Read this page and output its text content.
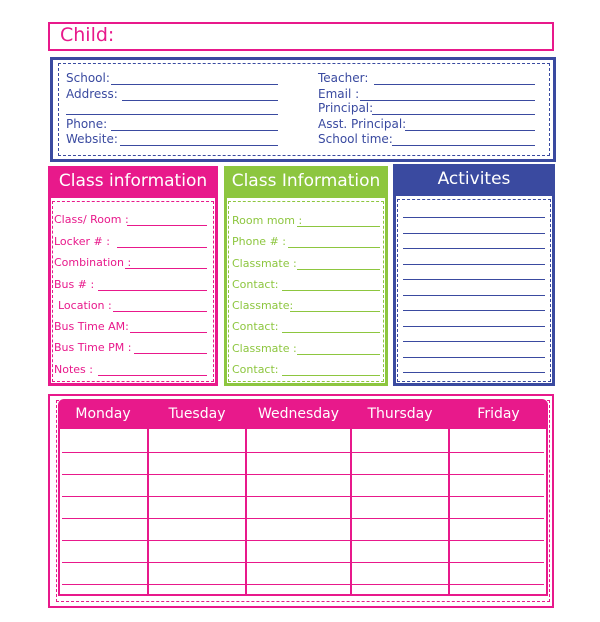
Child:
School:
Address:
Phone:
Website:
Teacher:
Email :
Principal:
Asst. Principal:
School time:
Class information
Class/ Room :
Locker # :
Combination :
Bus # :
Location :
Bus Time AM:
Bus Time PM :
Notes :
Class Information
Room mom :
Phone # :
Classmate :
Contact:
Classmate:
Contact:
Classmate :
Contact:
Activites
Monday	Tuesday	Wednesday	Thursday	Friday
